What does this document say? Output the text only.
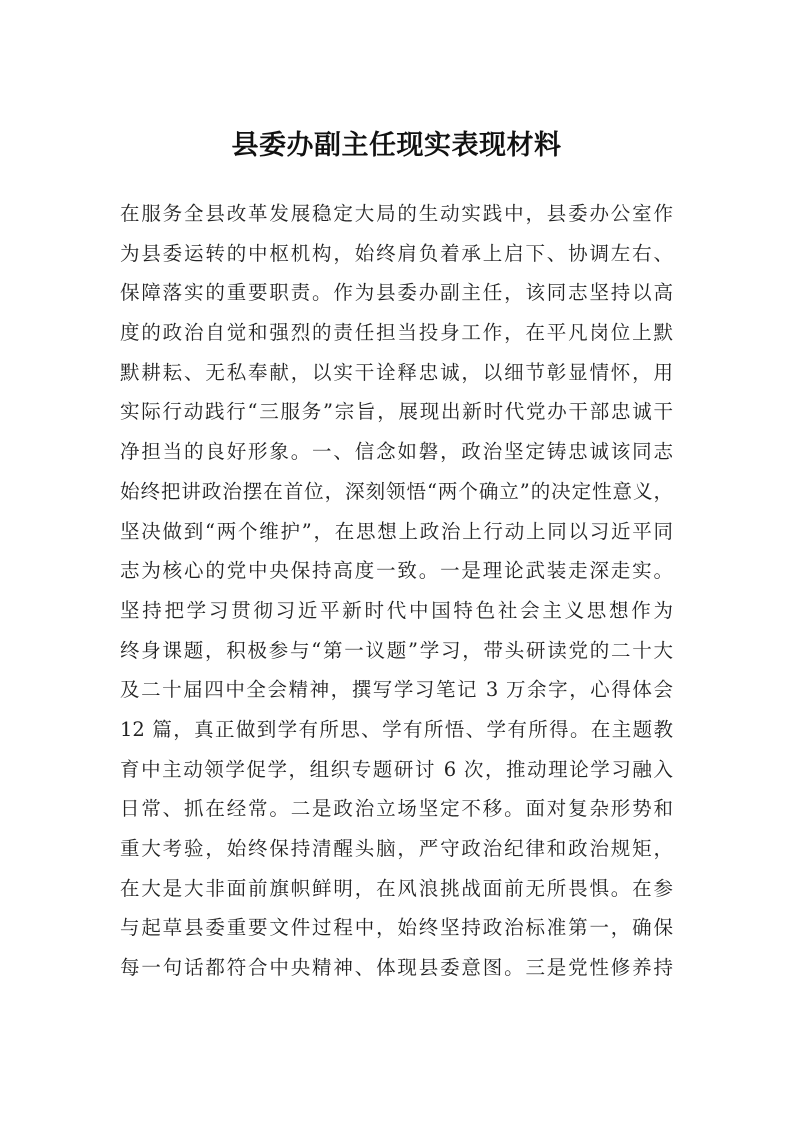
县委办副主任现实表现材料
在服务全县改革发展稳定大局的生动实践中，县委办公室作
为县委运转的中枢机构，始终肩负着承上启下、协调左右、
保障落实的重要职责。作为县委办副主任，该同志坚持以高
度的政治自觉和强烈的责任担当投身工作，在平凡岗位上默
默耕耘、无私奉献，以实干诠释忠诚，以细节彰显情怀，用
实际行动践行“三服务”宗旨，展现出新时代党办干部忠诚干
净担当的良好形象。一、信念如磐，政治坚定铸忠诚该同志
始终把讲政治摆在首位，深刻领悟“两个确立”的决定性意义，
坚决做到“两个维护”，在思想上政治上行动上同以习近平同
志为核心的党中央保持高度一致。一是理论武装走深走实。
坚持把学习贯彻习近平新时代中国特色社会主义思想作为
终身课题，积极参与“第一议题”学习，带头研读党的二十大
及二十届四中全会精神，撰写学习笔记 3 万余字，心得体会
12 篇，真正做到学有所思、学有所悟、学有所得。在主题教
育中主动领学促学，组织专题研讨 6 次，推动理论学习融入
日常、抓在经常。二是政治立场坚定不移。面对复杂形势和
重大考验，始终保持清醒头脑，严守政治纪律和政治规矩，
在大是大非面前旗帜鲜明，在风浪挑战面前无所畏惧。在参
与起草县委重要文件过程中，始终坚持政治标准第一，确保
每一句话都符合中央精神、体现县委意图。三是党性修养持
